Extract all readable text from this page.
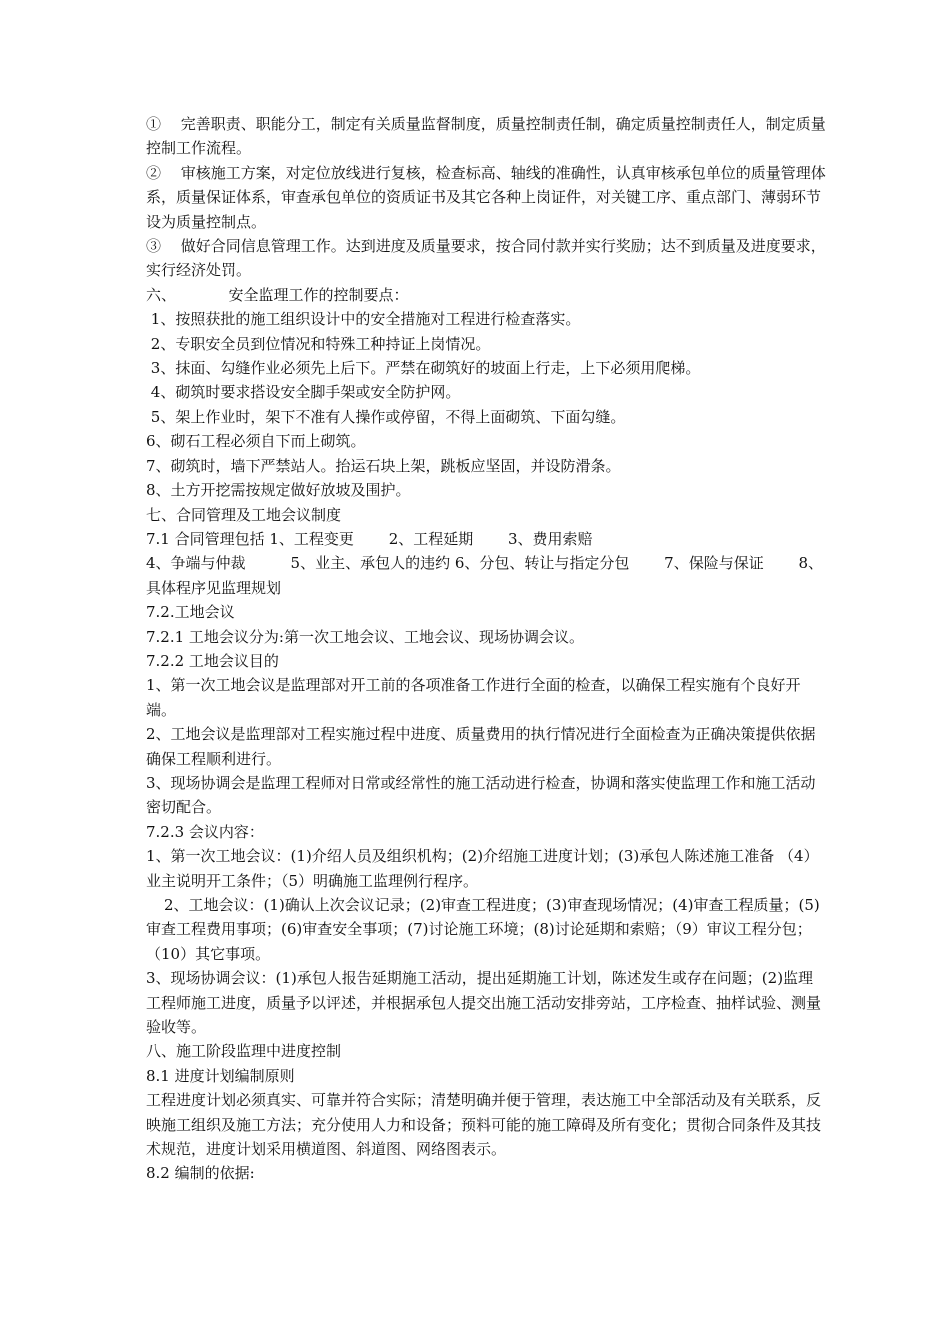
①　 完善职责、职能分工，制定有关质量监督制度，质量控制责任制，确定质量控制责任人，制定质量控制工作流程。

②　 审核施工方案，对定位放线进行复核，检查标高、轴线的准确性，认真审核承包单位的质量管理体系，质量保证体系，审查承包单位的资质证书及其它各种上岗证件，对关键工序、重点部门、薄弱环节设为质量控制点。

③　 做好合同信息管理工作。达到进度及质量要求，按合同付款并实行奖励；达不到质量及进度要求，实行经济处罚。

六、　　　　安全监理工作的控制要点：

1、按照获批的施工组织设计中的安全措施对工程进行检查落实。

2、专职安全员到位情况和特殊工种持证上岗情况。

3、抹面、勾缝作业必须先上后下。严禁在砌筑好的坡面上行走，上下必须用爬梯。

4、砌筑时要求搭设安全脚手架或安全防护网。

5、架上作业时，架下不准有人操作或停留，不得上面砌筑、下面勾缝。

6、砌石工程必须自下而上砌筑。

7、砌筑时，墙下严禁站人。抬运石块上架，跳板应坚固，并设防滑条。

8、土方开挖需按规定做好放坡及围护。

七、合同管理及工地会议制度

7.1 合同管理包括 1、工程变更　　 2、工程延期　　 3、费用索赔

4、争端与仲裁　　　5、业主、承包人的违约 6、分包、转让与指定分包　　 7、保险与保证　　 8、具体程序见监理规划

7.2.工地会议

7.2.1 工地会议分为:第一次工地会议、工地会议、现场协调会议。

7.2.2 工地会议目的

1、第一次工地会议是监理部对开工前的各项准备工作进行全面的检查，以确保工程实施有个良好开端。

2、工地会议是监理部对工程实施过程中进度、质量费用的执行情况进行全面检查为正确决策提供依据确保工程顺利进行。

3、现场协调会是监理工程师对日常或经常性的施工活动进行检查，协调和落实使监理工作和施工活动密切配合。

7.2.3 会议内容：

1、第一次工地会议：(1)介绍人员及组织机构；(2)介绍施工进度计划；(3)承包人陈述施工准备 （4）业主说明开工条件；（5）明确施工监理例行程序。

2、工地会议：(1)确认上次会议记录；(2)审查工程进度；(3)审查现场情况；(4)审查工程质量；(5)审查工程费用事项；(6)审查安全事项；(7)讨论施工环境；(8)讨论延期和索赔；（9）审议工程分包；（10）其它事项。

3、现场协调会议：(1)承包人报告延期施工活动，提出延期施工计划，陈述发生或存在问题；(2)监理工程师施工进度，质量予以评述，并根据承包人提交出施工活动安排旁站，工序检查、抽样试验、测量验收等。

八、施工阶段监理中进度控制

8.1 进度计划编制原则

工程进度计划必须真实、可靠并符合实际；清楚明确并便于管理，表达施工中全部活动及有关联系，反映施工组织及施工方法；充分使用人力和设备；预料可能的施工障碍及所有变化；贯彻合同条件及其技术规范，进度计划采用横道图、斜道图、网络图表示。

8.2 编制的依据:
